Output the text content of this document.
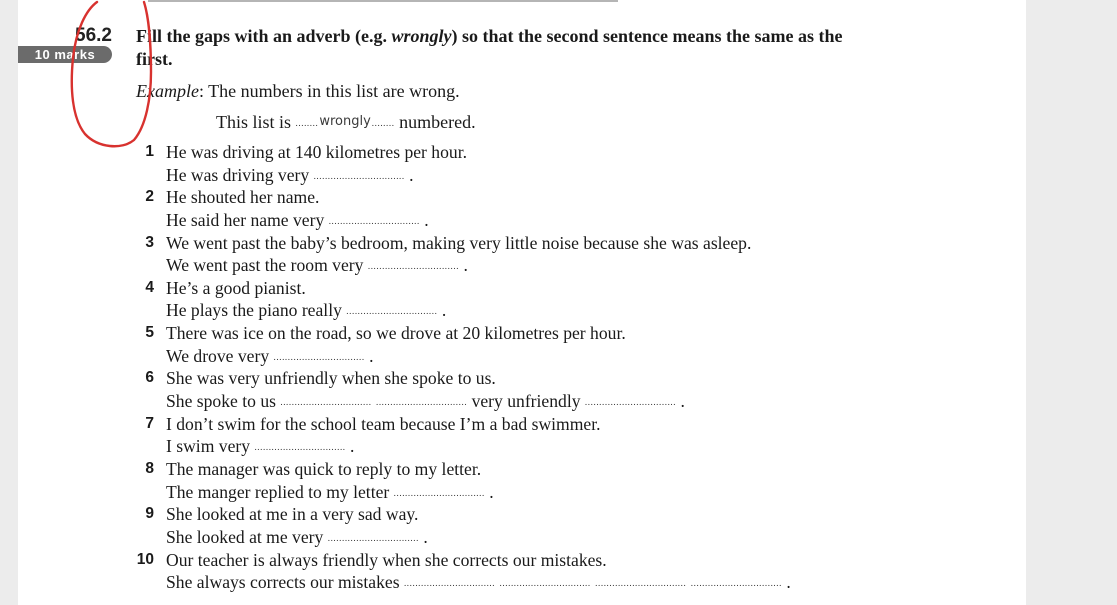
56.2
10 marks
Fill the gaps with an adverb (e.g. wrongly) so that the second sentence means the same as the first.
Example: The numbers in this list are wrong.
This list is ........wrongly........ numbered.
1 He was driving at 140 kilometres per hour.
He was driving very ................................ .
2 He shouted her name.
He said her name very ................................ .
3 We went past the baby’s bedroom, making very little noise because she was asleep.
We went past the room very ................................ .
4 He’s a good pianist.
He plays the piano really ................................ .
5 There was ice on the road, so we drove at 20 kilometres per hour.
We drove very ................................ .
6 She was very unfriendly when she spoke to us.
She spoke to us ................................ ................................ very unfriendly ................................ .
7 I don’t swim for the school team because I’m a bad swimmer.
I swim very ................................ .
8 The manager was quick to reply to my letter.
The manger replied to my letter ................................ .
9 She looked at me in a very sad way.
She looked at me very ................................ .
10 Our teacher is always friendly when she corrects our mistakes.
She always corrects our mistakes ................................ ................................ ................................ ................................ .
